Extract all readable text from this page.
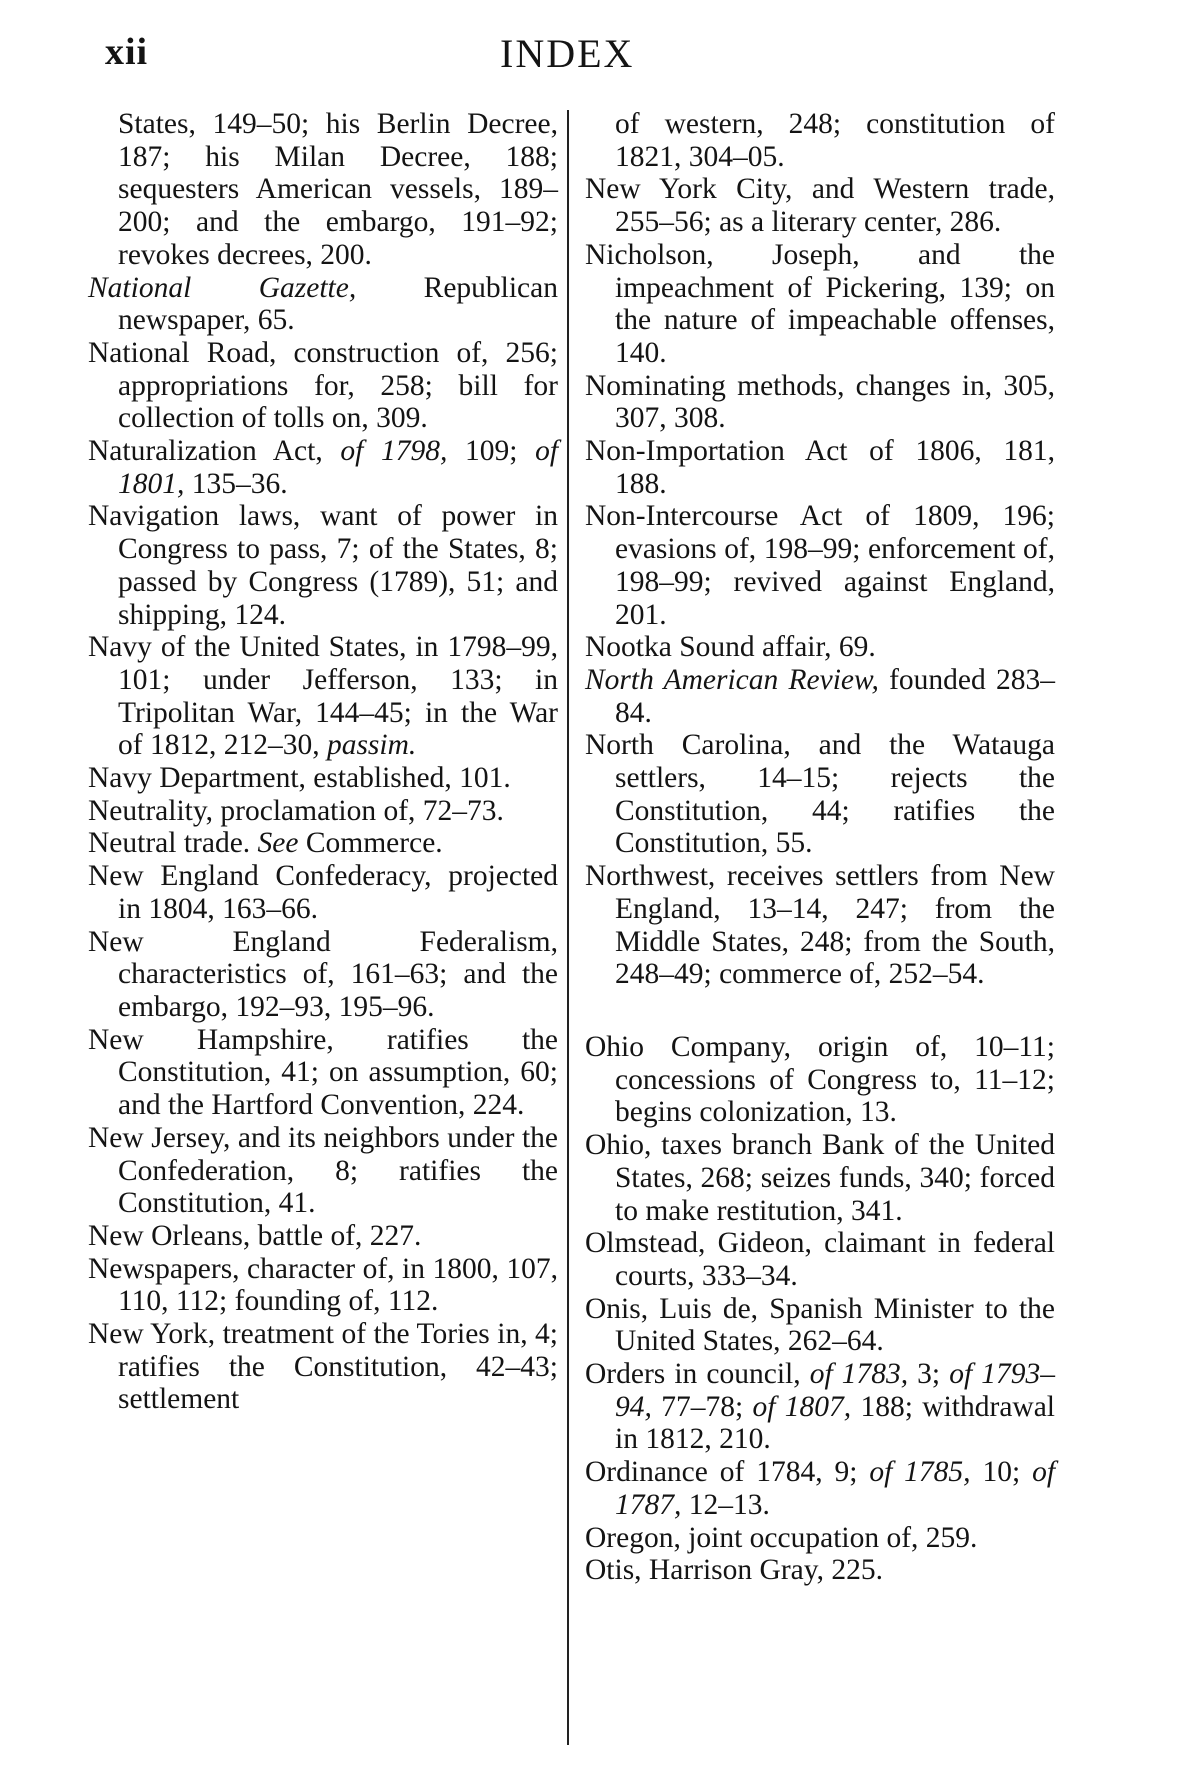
xii	INDEX

States, 149–50; his Berlin Decree, 187; his Milan Decree, 188; sequesters American vessels, 189–200; and the embargo, 191–92; revokes decrees, 200.

National Gazette, Republican newspaper, 65.

National Road, construction of, 256; appropriations for, 258; bill for collection of tolls on, 309.

Naturalization Act, of 1798, 109; of 1801, 135–36.

Navigation laws, want of power in Congress to pass, 7; of the States, 8; passed by Congress (1789), 51; and shipping, 124.

Navy of the United States, in 1798–99, 101; under Jefferson, 133; in Tripolitan War, 144–45; in the War of 1812, 212–30, passim.

Navy Department, established, 101.

Neutrality, proclamation of, 72–73.

Neutral trade. See Commerce.

New England Confederacy, projected in 1804, 163–66.

New England Federalism, characteristics of, 161–63; and the embargo, 192–93, 195–96.

New Hampshire, ratifies the Constitution, 41; on assumption, 60; and the Hartford Convention, 224.

New Jersey, and its neighbors under the Confederation, 8; ratifies the Constitution, 41.

New Orleans, battle of, 227.

Newspapers, character of, in 1800, 107, 110, 112; founding of, 112.

New York, treatment of the Tories in, 4; ratifies the Constitution, 42–43; settlement

of western, 248; constitution of 1821, 304–05.

New York City, and Western trade, 255–56; as a literary center, 286.

Nicholson, Joseph, and the impeachment of Pickering, 139; on the nature of impeachable offenses, 140.

Nominating methods, changes in, 305, 307, 308.

Non-Importation Act of 1806, 181, 188.

Non-Intercourse Act of 1809, 196; evasions of, 198–99; enforcement of, 198–99; revived against England, 201.

Nootka Sound affair, 69.

North American Review, founded 283–84.

North Carolina, and the Watauga settlers, 14–15; rejects the Constitution, 44; ratifies the Constitution, 55.

Northwest, receives settlers from New England, 13–14, 247; from the Middle States, 248; from the South, 248–49; commerce of, 252–54.

Ohio Company, origin of, 10–11; concessions of Congress to, 11–12; begins colonization, 13.

Ohio, taxes branch Bank of the United States, 268; seizes funds, 340; forced to make restitution, 341.

Olmstead, Gideon, claimant in federal courts, 333–34.

Onis, Luis de, Spanish Minister to the United States, 262–64.

Orders in council, of 1783, 3; of 1793–94, 77–78; of 1807, 188; withdrawal in 1812, 210.

Ordinance of 1784, 9; of 1785, 10; of 1787, 12–13.

Oregon, joint occupation of, 259.

Otis, Harrison Gray, 225.
